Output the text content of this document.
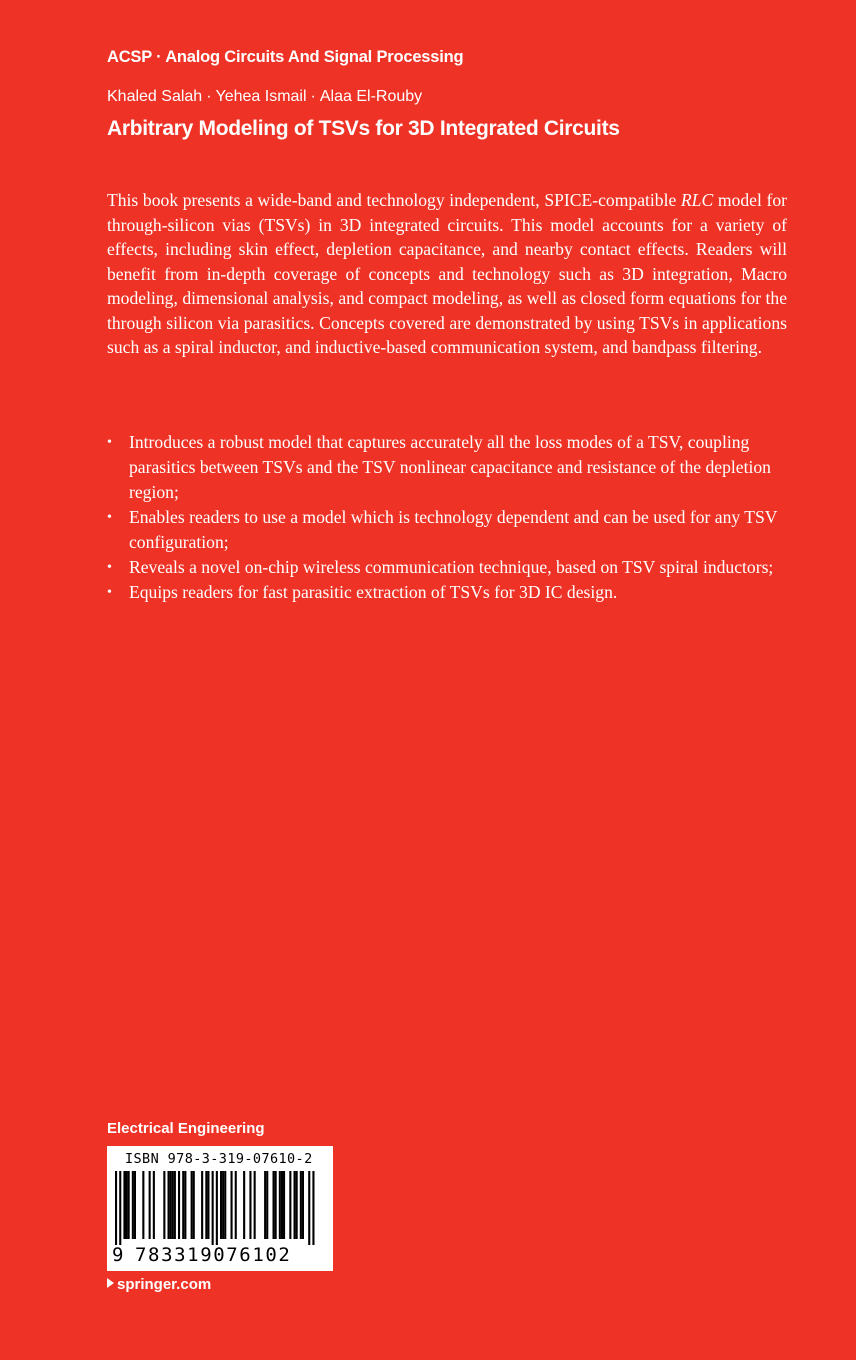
ACSP · Analog Circuits And Signal Processing
Khaled Salah · Yehea Ismail · Alaa El-Rouby
Arbitrary Modeling of TSVs for 3D Integrated Circuits

This book presents a wide-band and technology independent, SPICE-compatible RLC model for through-silicon vias (TSVs) in 3D integrated circuits. This model accounts for a variety of effects, including skin effect, depletion capacitance, and nearby contact effects. Readers will benefit from in-depth coverage of concepts and technology such as 3D integration, Macro modeling, dimensional analysis, and compact modeling, as well as closed form equations for the through silicon via parasitics. Concepts covered are demonstrated by using TSVs in applications such as a spiral inductor, and inductive-based communication system, and bandpass filtering.

• Introduces a robust model that captures accurately all the loss modes of a TSV, coupling parasitics between TSVs and the TSV nonlinear capacitance and resistance of the depletion region;
• Enables readers to use a model which is technology dependent and can be used for any TSV configuration;
• Reveals a novel on-chip wireless communication technique, based on TSV spiral inductors;
• Equips readers for fast parasitic extraction of TSVs for 3D IC design.
Electrical Engineering
ISBN 978-3-319-07610-2
9 783319076102
springer.com
